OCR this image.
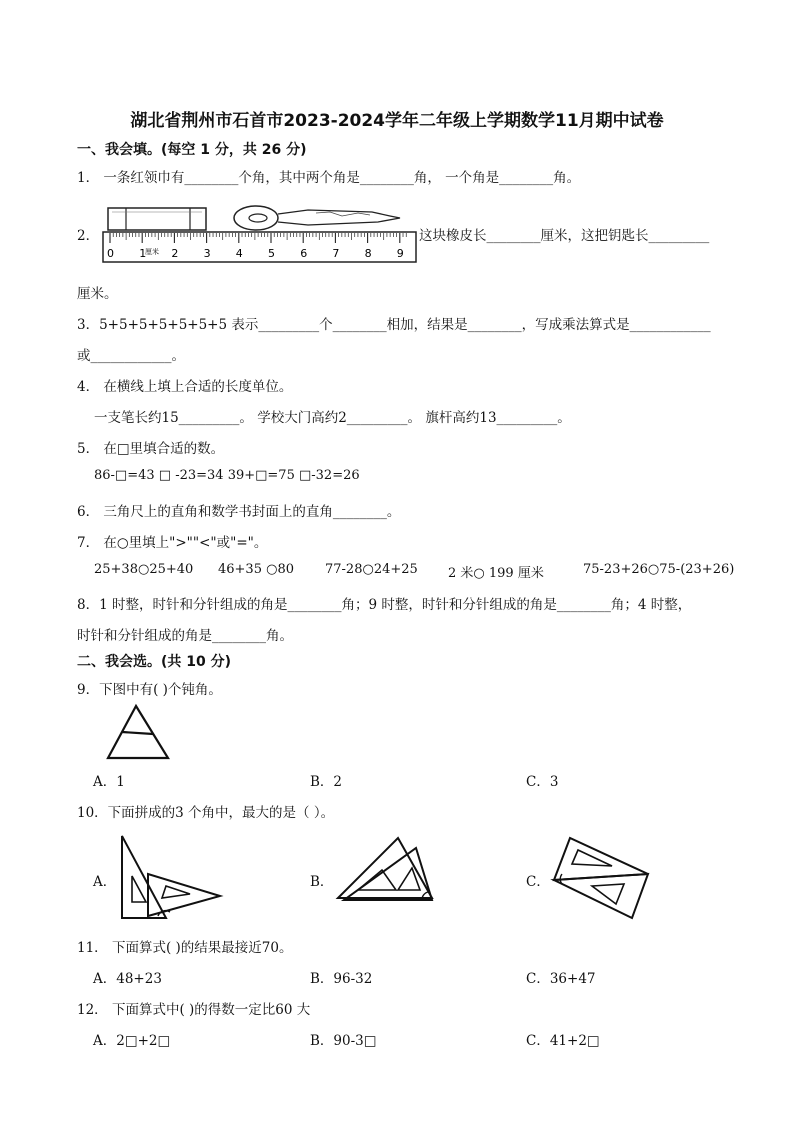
湖北省荆州市石首市2023-2024学年二年级上学期数学11月期中试卷
一、我会填。(每空 1 分，共 26 分)
1． 一条红领巾有________个角，其中两个角是________角， 一个角是________角。
2．
0 1 2 3 4 5 6 7 8 9
厘米
这块橡皮长________厘米，这把钥匙长_________
厘米。
3．5+5+5+5+5+5+5 表示_________个________相加，结果是________，写成乘法算式是____________
或____________。
4． 在横线上填上合适的长度单位。
一支笔长约15_________。 学校大门高约2_________。 旗杆高约13_________。
5． 在□里填合适的数。
86-□=43 □ -23=34 39+□=75 □-32=26
6． 三角尺上的直角和数学书封面上的直角________。
7． 在○里填上">""<"或"="。
25+38○25+40 46+35 ○80 77-28○24+25 2 米○ 199 厘米	75-23+26○75-(23+26)
8．1 时整，时针和分针组成的角是________角；9 时整，时针和分针组成的角是________角；4 时整，
时针和分针组成的角是________角。
二、我会选。(共 10 分)
9．下图中有( )个钝角。
A．1	B．2	C．3
10．下面拼成的3 个角中，最大的是（ ）。
A．	B．	C．
11． 下面算式( )的结果最接近70。
A．48+23	B．96-32	C．36+47
12． 下面算式中( )的得数一定比60 大
A．2□+2□	B．90-3□	C．41+2□
